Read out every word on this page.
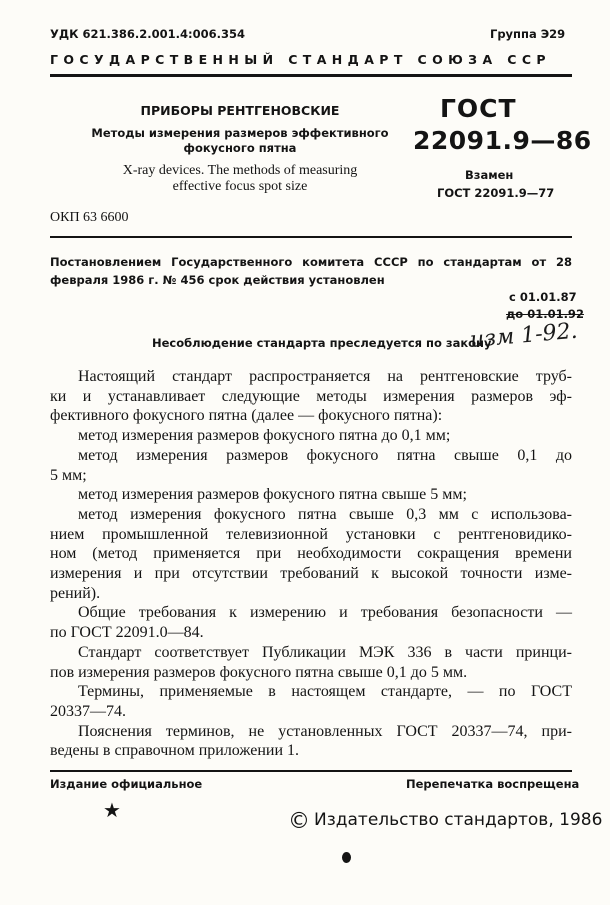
УДК 621.386.2.001.4:006.354	Группа Э29
ГОСУДАРСТВЕННЫЙ СТАНДАРТ СОЮЗА ССР
ПРИБОРЫ РЕНТГЕНОВСКИЕ
Методы измерения размеров эффективного фокусного пятна
X-ray devices. The methods of measuring effective focus spot size
ГОСТ
22091.9—86
Взамен
ГОСТ 22091.9—77
ОКП 63 6600
Постановлением Государственного комитета СССР по стандартам от 28 февраля 1986 г. № 456 срок действия установлен
с 01.01.87
до 01.01.92
изм 1-92.
Несоблюдение стандарта преследуется по закону

Настоящий стандарт распространяется на рентгеновские труб-

ки и устанавливает следующие методы измерения размеров эф-

фективного фокусного пятна (далее — фокусного пятна):

метод измерения размеров фокусного пятна до 0,1 мм;

метод измерения размеров фокусного пятна свыше 0,1 до

5 мм;

метод измерения размеров фокусного пятна свыше 5 мм;

метод измерения фокусного пятна свыше 0,3 мм с использова-

нием промышленной телевизионной установки с рентгеновидико-

ном (метод применяется при необходимости сокращения времени

измерения и при отсутствии требований к высокой точности изме-

рений).

Общие требования к измерению и требования безопасности —

по ГОСТ 22091.0—84.

Стандарт соответствует Публикации МЭК 336 в части принци-

пов измерения размеров фокусного пятна свыше 0,1 до 5 мм.

Термины, применяемые в настоящем стандарте, — по ГОСТ

20337—74.

Пояснения терминов, не установленных ГОСТ 20337—74, при-

ведены в справочном приложении 1.

Издание официальное	Перепечатка воспрещена
★	© Издательство стандартов, 1986
